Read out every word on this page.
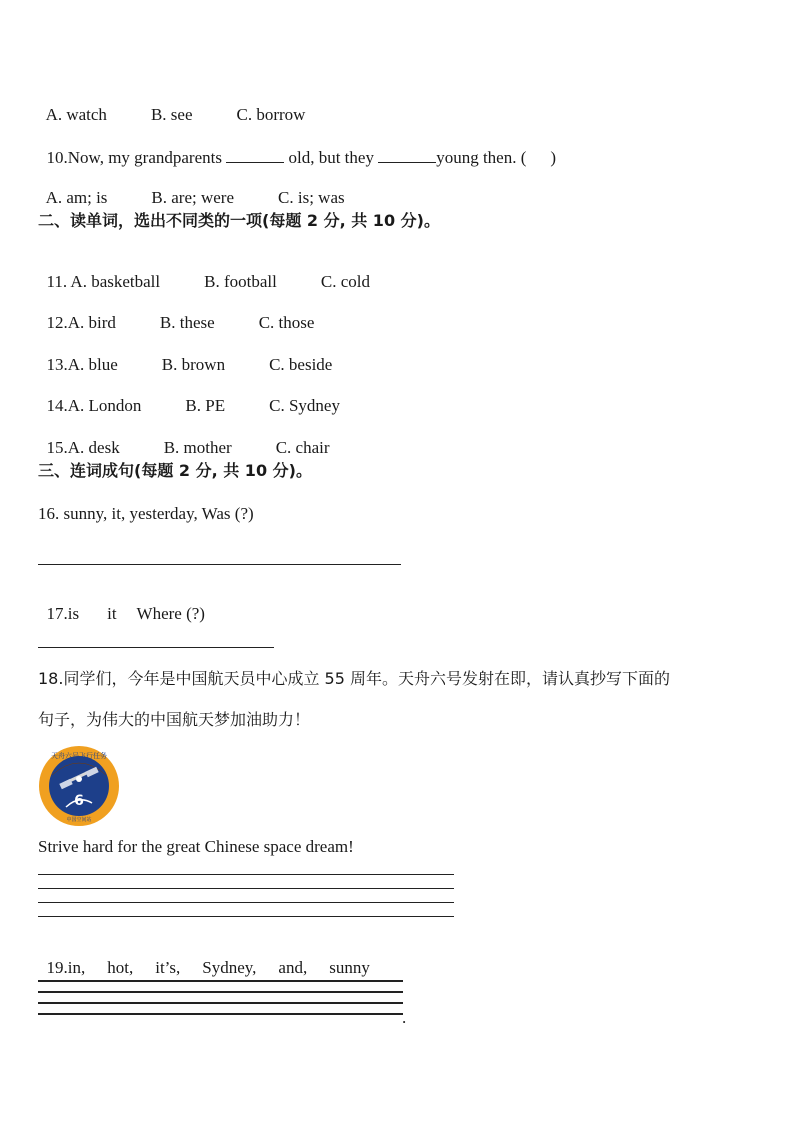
A. watch	B. see	C. borrow

10.Now, my grandparents	old, but they	young then. ( )

A. am; is	B. are; were	C. is; was

二、读单词，选出不同类的一项(每题 2 分, 共 10 分)。

11. A. basketball	B. football	C. cold

12.A. bird	B. these	C. those

13.A. blue	B. brown	C. beside

14.A. London	B. PE	C. Sydney

15.A. desk	B. mother	C. chair

三、连词成句(每题 2 分, 共 10 分)。
16. sunny, it, yesterday, Was (?)

17.is it Where (?)

18.同学们，今年是中国航天员中心成立 55 周年。天舟六号发射在即，请认真抄写下面的
句子，为伟大的中国航天梦加油助力！
天舟六号飞行任务
中国空间站
6
Strive hard for the great Chinese space dream!

19.in, hot, it’s, Sydney, and, sunny

.
